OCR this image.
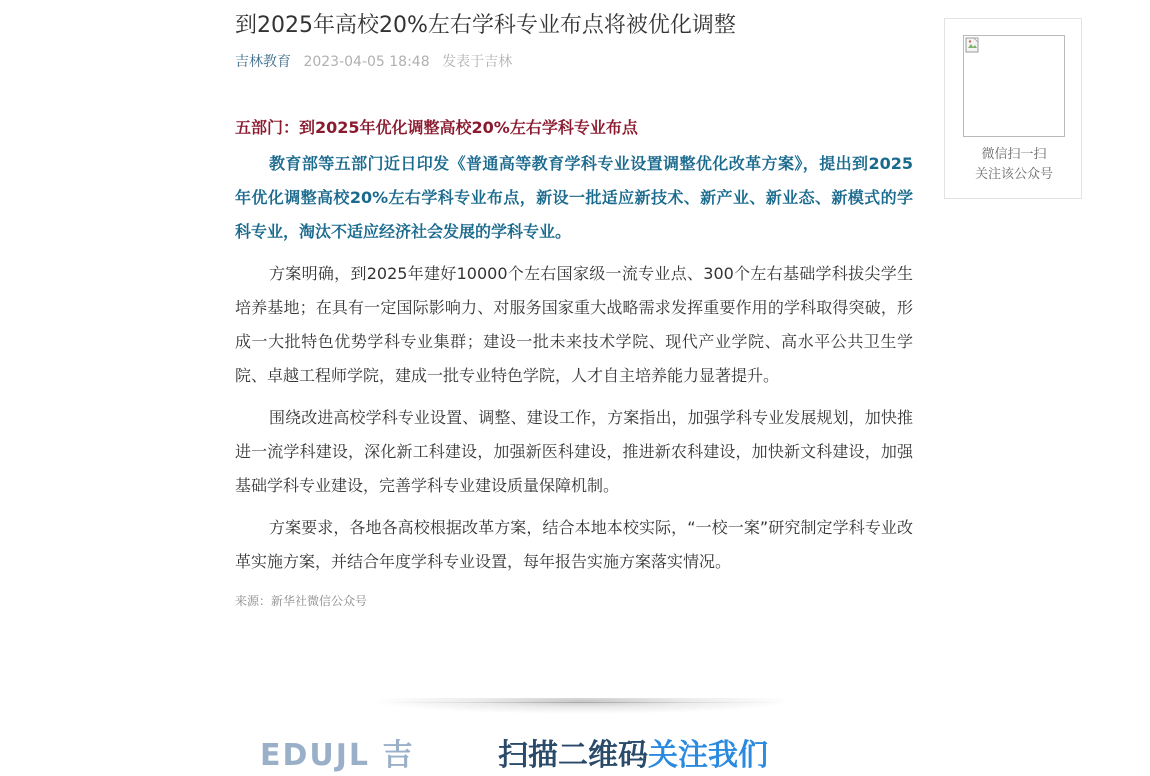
到2025年高校20%左右学科专业布点将被优化调整
吉林教育 2023-04-05 18:48 发表于吉林
五部门：到2025年优化调整高校20%左右学科专业布点

教育部等五部门近日印发《普通高等教育学科专业设置调整优化改革方案》，提出到2025年优化调整高校20%左右学科专业布点，新设一批适应新技术、新产业、新业态、新模式的学科专业，淘汰不适应经济社会发展的学科专业。

方案明确，到2025年建好10000个左右国家级一流专业点、300个左右基础学科拔尖学生培养基地；在具有一定国际影响力、对服务国家重大战略需求发挥重要作用的学科取得突破，形成一大批特色优势学科专业集群；建设一批未来技术学院、现代产业学院、高水平公共卫生学院、卓越工程师学院，建成一批专业特色学院，人才自主培养能力显著提升。

围绕改进高校学科专业设置、调整、建设工作，方案指出，加强学科专业发展规划，加快推进一流学科建设，深化新工科建设，加强新医科建设，推进新农科建设，加快新文科建设，加强基础学科专业建设，完善学科专业建设质量保障机制。

方案要求，各地各高校根据改革方案，结合本地本校实际，“一校一案”研究制定学科专业改革实施方案，并结合年度学科专业设置，每年报告实施方案落实情况。

来源：新华社微信公众号
EDUJL 吉	扫描二维码关注我们
微信扫一扫
关注该公众号
